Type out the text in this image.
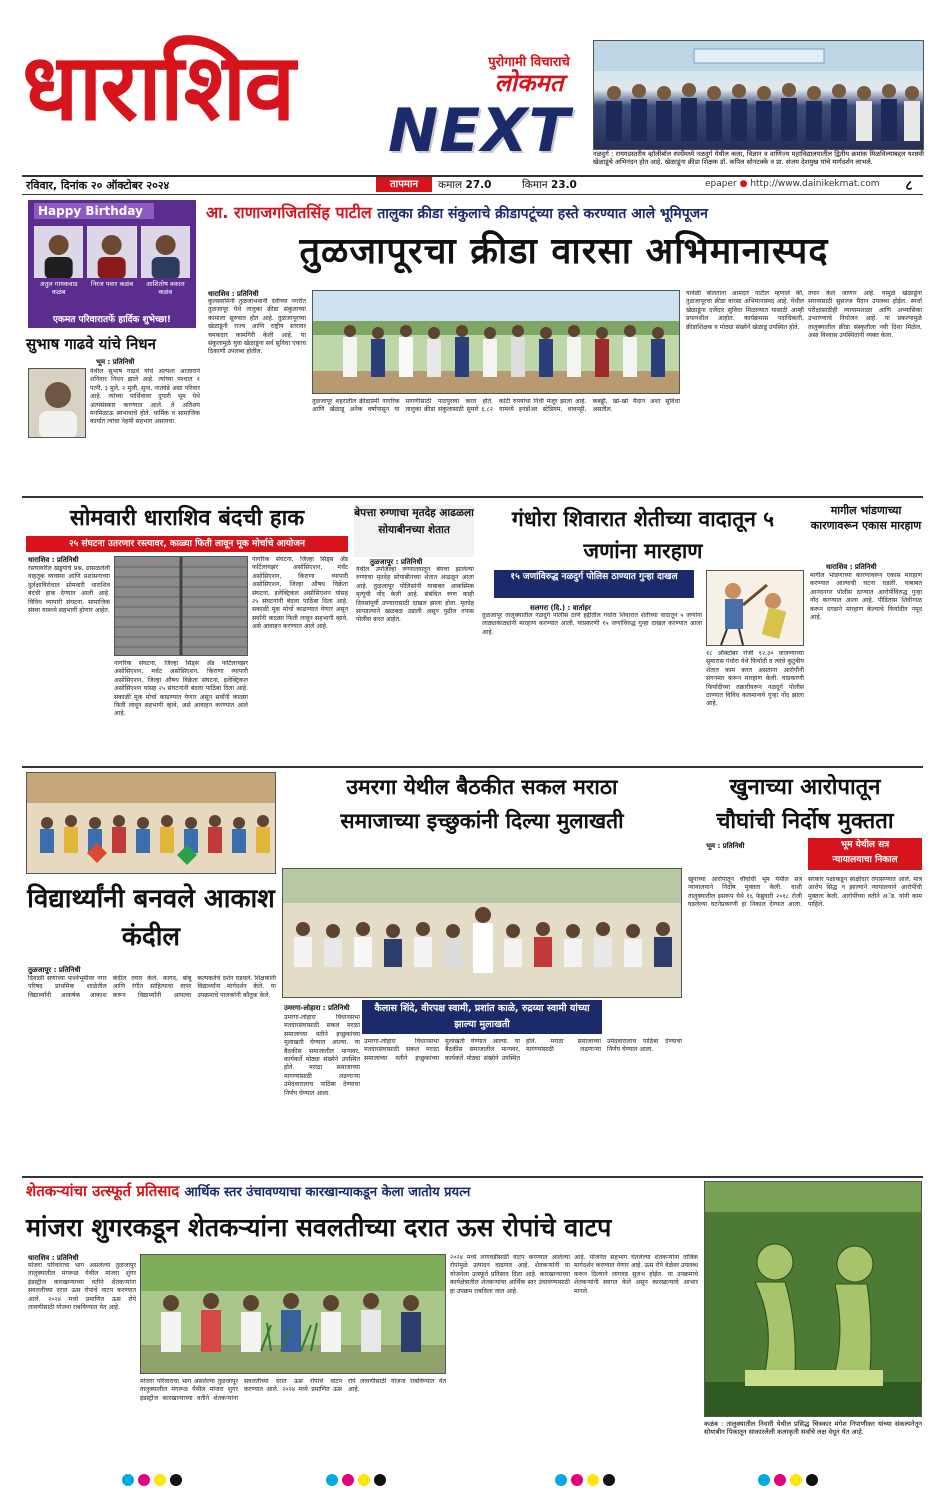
धाराशिव	पुरोगामी विचाराचे
लोकमत
NEXT	नळदुर्ग : रायगडस्तरीय व्हॉलीबॉल स्पर्धेमध्ये नळदुर्ग येथील कला, विज्ञान व वाणिज्य महाविद्यालयातील द्वितीय क्रमांक मिळविल्याबद्दल यशस्वी खेळाडूंचे अभिनंदन होत आहे. खेळाडूंना क्रीडा शिक्षक डॉ. कपिल सोनटक्के व प्रा. संजय देशमुख यांचे मार्गदर्शन लाभले.
रविवार, दिनांक २० ऑक्टोबर २०२४	तापमान	कमाल 27.0	किमान 23.0	epaper ● http://www.dainikekmat.com	८
Happy Birthday
अतुल गायकवाड कळंब
निरज पवार कळंब	आशितोष वकाल कळंब
एकमत परिवारातर्फे हार्दिक शुभेच्छा!
सुभाष गाढवे यांचे निधन
भूम : प्रतिनिधी
येथील सुभाष गाढवे यांचे अल्पशा आजाराने शनिवार निधन झाले आहे. त्यांच्या पश्चात १ पत्नी, ३ मुले, २ मुली, सुना, नातवंडे असा परिवार आहे. त्यांच्या पार्थिवावर दुपारी भूम येथे अंत्यसंस्कार करण्यात आले. ते अतिशय मनमिळाऊ स्वभावाचे होते. धार्मिक व सामाजिक कार्यात त्यांचा नेहमी सहभाग असायचा.
आ. राणाजगजितसिंह पाटील तालुका क्रीडा संकुलाचे क्रीडापटूंच्या हस्ते करण्यात आले भूमिपूजन
तुळजापूरचा क्रीडा वारसा अभिमानास्पद
धाराशिव : प्रतिनिधी
कुलस्वामिनी तुळजाभवानी देवीच्या नगरीत तुळजापूर येथे तालुका क्रीडा संकुलाच्या कामाला सुरुवात होत आहे. तुळजापूरच्या खेळाडूंनी राज्य आणि राष्ट्रीय स्तरावर चमकदार कामगिरी केली आहे. या संकुलामुळे युवा खेळाडूंना सर्व सुविधा एकाच ठिकाणी उपलब्ध होतील.
तुळजापूर शहरातील क्रीडाप्रेमी नागरिक आणि खेळाडू अनेक वर्षांपासून या मागणीसाठी पाठपुरावा करत होते. तालुका क्रीडा संकुलासाठी सुमारे ६.८२ कोटी रुपयांचा निधी मंजूर झाला आहे. यामध्ये इनडोअर स्टेडियम, धावपट्टी, कबड्डी, खो-खो मैदान अशा सुविधा असतील.
यावेळी बोलताना आमदार पाटील म्हणाले की, तुळजापूरचा क्रीडा वारसा अभिमानास्पद आहे. येथील खेळाडूंना दर्जेदार सुविधा मिळाव्यात यासाठी आम्ही प्रयत्नशील आहोत. कार्यक्रमास पदाधिकारी, क्रीडाशिक्षक व मोठ्या संख्येने खेळाडू उपस्थित होते.
तयार केले जाणार आहे. यामुळे खेळाडूंना सरावासाठी सुसज्ज मैदान उपलब्ध होईल. स्पर्धा परीक्षांसाठीही व्यायामशाळा आणि अभ्यासिका उभारण्याचे नियोजन आहे. या प्रकल्पामुळे तालुक्यातील क्रीडा संस्कृतीला नवी दिशा मिळेल, असा विश्वास उपस्थितांनी व्यक्त केला.
सोमवारी धाराशिव बंदची हाक
२५ संघटना उतरणार रस्त्यावर, काळ्या फिती लावून मूक मोर्चाचे आयोजन
धाराशिव : प्रतिनिधी
रस्त्यावरील खड्डयांचे प्रश्न, ढासळलेली वाहतूक व्यवस्था आणि प्रशासनाच्या दुर्लक्षाविरोधात सोमवारी धाराशिव बंदची हाक देण्यात आली आहे. विविध व्यापारी संघटना, सामाजिक संस्था यामध्ये सहभागी होणार आहेत.
नागरिक संघटना, जिल्हा सिड्स अँड फर्टिलायझर असोसिएशन, मर्चंट असोसिएशन, किराणा व्यापारी असोसिएशन, जिल्हा औषध विक्रेता संघटना, इलेक्ट्रिकल असोसिएशन यांसह २५ संघटनांनी बंदला पाठिंबा दिला आहे. सकाळी मूक मोर्चा काढण्यात येणार असून सर्वांनी काळ्या फिती लावून सहभागी व्हावे, असे आवाहन करण्यात आले आहे.
नागरिक संघटना, जिल्हा सिड्स अँड फर्टिलायझर असोसिएशन, मर्चंट असोसिएशन, किराणा व्यापारी असोसिएशन, जिल्हा औषध विक्रेता संघटना, इलेक्ट्रिकल असोसिएशन यांसह २५ संघटनांनी बंदला पाठिंबा दिला आहे. सकाळी मूक मोर्चा काढण्यात येणार असून सर्वांनी काळ्या फिती लावून सहभागी व्हावे, असे आवाहन करण्यात आले आहे.
बेपत्ता रुग्णाचा मृतदेह आढळला सोयाबीनच्या शेतात
तुळजापूर : प्रतिनिधी
येथील उपजिल्हा रुग्णालयातून बेपत्ता झालेल्या रुग्णाचा मृतदेह सोयाबीनच्या शेतात आढळून आला आहे. तुळजापूर पोलिसांनी याबाबत आकस्मिक मृत्यूची नोंद केली आहे. संबंधित रुग्ण काही दिवसांपूर्वी उपचारासाठी दाखल झाला होता. मृतदेह सापडल्याने खळबळ उडाली असून पुढील तपास पोलीस करत आहेत.
गंधोरा शिवारात शेतीच्या वादातून ५ जणांना मारहाण
१५ जणांविरुद्ध नळदुर्ग पोलिस ठाण्यात गुन्हा दाखल
सलगरा (दि.) : वार्ताहर
तुळजापूर तालुक्यातील नळदुर्ग पोलीस ठाणे हद्दीतील गंधोरा शिवारात शेतीच्या वादातून ५ जणांना लाठ्याकाठ्यांनी मारहाण करण्यात आली. याप्रकरणी १५ जणांविरुद्ध गुन्हा दाखल करण्यात आला आहे.
१८ ऑक्टोबर रोजी १२.३० वाजण्याच्या सुमारास गंधोरा येथे फिर्यादी व त्यांचे कुटुंबीय शेतात काम करत असताना आरोपींनी संगनमत करून मारहाण केली. याप्रकरणी फिर्यादीच्या तक्रारीवरून नळदुर्ग पोलीस ठाण्यात विविध कलमान्वये गुन्हा नोंद झाला आहे.
मागील भांडणाच्या कारणावरून एकास मारहाण
धाराशिव : प्रतिनिधी
मागील भांडणाच्या कारणावरून एकास मारहाण करण्यात आल्याची घटना घडली. याबाबत आनंदनगर पोलीस ठाण्यात आरोपींविरुद्ध गुन्हा नोंद करण्यात आला आहे. पीडितास शिवीगाळ करून दगडाने मारहाण केल्याचे फिर्यादीत नमूद आहे.
विद्यार्थ्यांनी बनवले आकाश कंदील
तुळजापूर : प्रतिनिधी
दिवाळी सणाच्या पार्श्वभूमीवर नगर परिषद प्राथमिक शाळेतील विद्यार्थ्यांनी आकर्षक आकाश कंदील तयार केले. कागद, बांबू आणि रंगीत साहित्याचा वापर करून विद्यार्थ्यांनी आपल्या कल्पकतेचे दर्शन घडवले. शिक्षकांनी विद्यार्थ्यांना मार्गदर्शन केले. या उपक्रमाचे पालकांनी कौतुक केले.
उमरगा येथील बैठकीत सकल मराठा
समाजाच्या इच्छुकांनी दिल्या मुलाखती
कैलास शिंदे, वीरपक्ष स्वामी, प्रशांत काळे, रुद्रय्या स्वामी यांच्या झाल्या मुलाखती
उमरगा-लोहारा : प्रतिनिधी
उमरगा-लोहारा विधानसभा मतदारसंघासाठी सकल मराठा समाजाच्या वतीने इच्छुकांच्या मुलाखती घेण्यात आल्या. या बैठकीस समाजातील मान्यवर, कार्यकर्ते मोठ्या संख्येने उपस्थित होते. मराठा समाजाच्या मागण्यांसाठी लढणाऱ्या उमेदवारालाच पाठिंबा देण्याचा निर्णय घेण्यात आला.
उमरगा-लोहारा विधानसभा मतदारसंघासाठी सकल मराठा समाजाच्या वतीने इच्छुकांच्या मुलाखती घेण्यात आल्या. या बैठकीस समाजातील मान्यवर, कार्यकर्ते मोठ्या संख्येने उपस्थित होते. मराठा समाजाच्या मागण्यांसाठी लढणाऱ्या उमेदवारालाच पाठिंबा देण्याचा निर्णय घेण्यात आला.
खुनाच्या आरोपातून
चौघांची निर्दोष मुक्तता
भूम येथील सत्र
न्यायालयाचा निकाल
भूम : प्रतिनिधी
खुनाच्या आरोपातून चौघांची भूम येथील सत्र न्यायालयाने निर्दोष मुक्तता केली. वाशी तालुक्यातील इसरूप येथे १६ फेब्रुवारी २०१८ रोजी घडलेल्या घटनेप्रकरणी हा निकाल देण्यात आला. सरकार पक्षाकडून साक्षीदार तपासण्यात आले, मात्र आरोप सिद्ध न झाल्याने न्यायालयाने आरोपींची मुक्तता केली. आरोपींच्या वतीने अॅड. यांनी काम पाहिले.
शेतकऱ्यांचा उत्स्फूर्त प्रतिसाद आर्थिक स्तर उंचावण्याचा कारखान्याकडून केला जातोय प्रयत्न
मांजरा शुगरकडून शेतकऱ्यांना सवलतीच्या दरात ऊस रोपांचे वाटप
धाराशिव : प्रतिनिधी
मांजरा परिवाराचा भाग असलेल्या तुळजापूर तालुक्यातील मंगरूळ येथील मांजरा शुगर इंडस्ट्रीज कारखान्याच्या वतीने शेतकऱ्यांना सवलतीच्या दरात ऊस रोपांचे वाटप करण्यात आले. २०२४ मध्ये प्रमाणित ऊस रोपे लावणीसाठी योजना राबविण्यात येत आहे.
मांजरा परिवाराचा भाग असलेल्या तुळजापूर तालुक्यातील मंगरूळ येथील मांजरा शुगर इंडस्ट्रीज कारखान्याच्या वतीने शेतकऱ्यांना सवलतीच्या दरात ऊस रोपांचे वाटप करण्यात आले. २०२४ मध्ये प्रमाणित ऊस रोपे लावणीसाठी योजना राबविण्यात येत आहे.
२०२४ मध्ये लागवडीसाठी वाटप करण्यात आलेल्या रोपांमुळे उत्पादन वाढणार आहे. शेतकऱ्यांनी या योजनेला उत्स्फूर्त प्रतिसाद दिला आहे. कारखान्याच्या कार्यक्षेत्रातील शेतकऱ्यांचा आर्थिक स्तर उंचावण्यासाठी हा उपक्रम राबविला जात आहे.
आहे. योजनेत सहभाग घेतलेल्या शेतकऱ्यांना तांत्रिक मार्गदर्शन करण्यात येणार आहे. ऊस रोपे वेळेवर उपलब्ध करून दिल्याने लागवड सुलभ होईल. या उपक्रमाचे शेतकऱ्यांनी स्वागत केले असून कारखान्याचे आभार मानले.
कळंब : तालुक्यातील निवारी येथील प्रसिद्ध चित्रकार मंगेश निपाणीकर यांच्या संकल्पनेतून सोयाबीन पिकातून साकारलेली कलाकृती सर्वांचे लक्ष वेधून घेत आहे.
